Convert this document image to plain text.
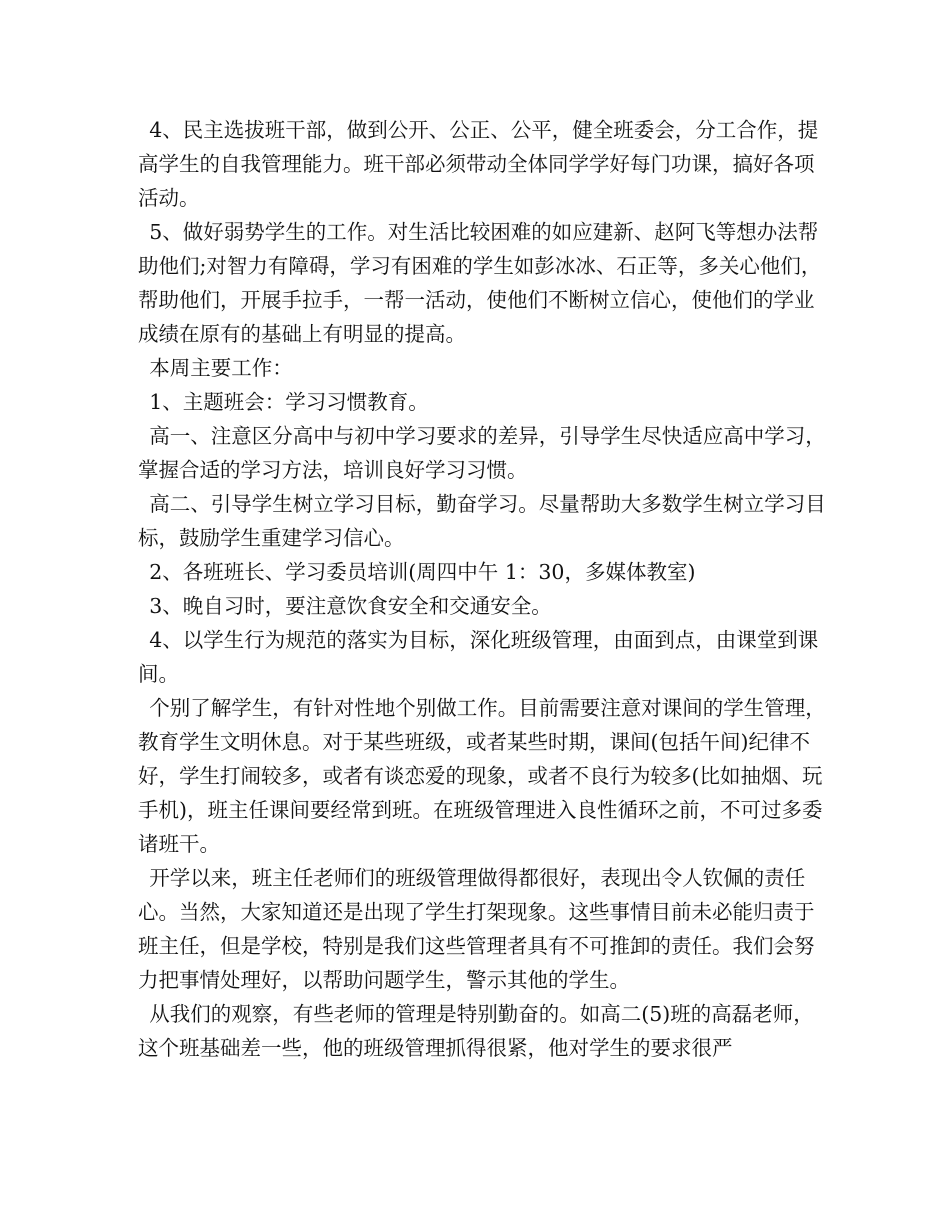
4、民主选拔班干部，做到公开、公正、公平，健全班委会，分工合作，提高学生的自我管理能力。班干部必须带动全体同学学好每门功课，搞好各项活动。

5、做好弱势学生的工作。对生活比较困难的如应建新、赵阿飞等想办法帮助他们;对智力有障碍，学习有困难的学生如彭冰冰、石正等，多关心他们，帮助他们，开展手拉手，一帮一活动，使他们不断树立信心，使他们的学业成绩在原有的基础上有明显的提高。

本周主要工作：

1、主题班会：学习习惯教育。

高一、注意区分高中与初中学习要求的差异，引导学生尽快适应高中学习，掌握合适的学习方法，培训良好学习习惯。

高二、引导学生树立学习目标，勤奋学习。尽量帮助大多数学生树立学习目标，鼓励学生重建学习信心。

2、各班班长、学习委员培训(周四中午 1：30，多媒体教室)

3、晚自习时，要注意饮食安全和交通安全。

4、以学生行为规范的落实为目标，深化班级管理，由面到点，由课堂到课间。

个别了解学生，有针对性地个别做工作。目前需要注意对课间的学生管理，教育学生文明休息。对于某些班级，或者某些时期，课间(包括午间)纪律不好，学生打闹较多，或者有谈恋爱的现象，或者不良行为较多(比如抽烟、玩手机)，班主任课间要经常到班。在班级管理进入良性循环之前，不可过多委诸班干。

开学以来，班主任老师们的班级管理做得都很好，表现出令人钦佩的责任心。当然，大家知道还是出现了学生打架现象。这些事情目前未必能归责于班主任，但是学校，特别是我们这些管理者具有不可推卸的责任。我们会努力把事情处理好，以帮助问题学生，警示其他的学生。

从我们的观察，有些老师的管理是特别勤奋的。如高二(5)班的高磊老师，这个班基础差一些，他的班级管理抓得很紧，他对学生的要求很严
